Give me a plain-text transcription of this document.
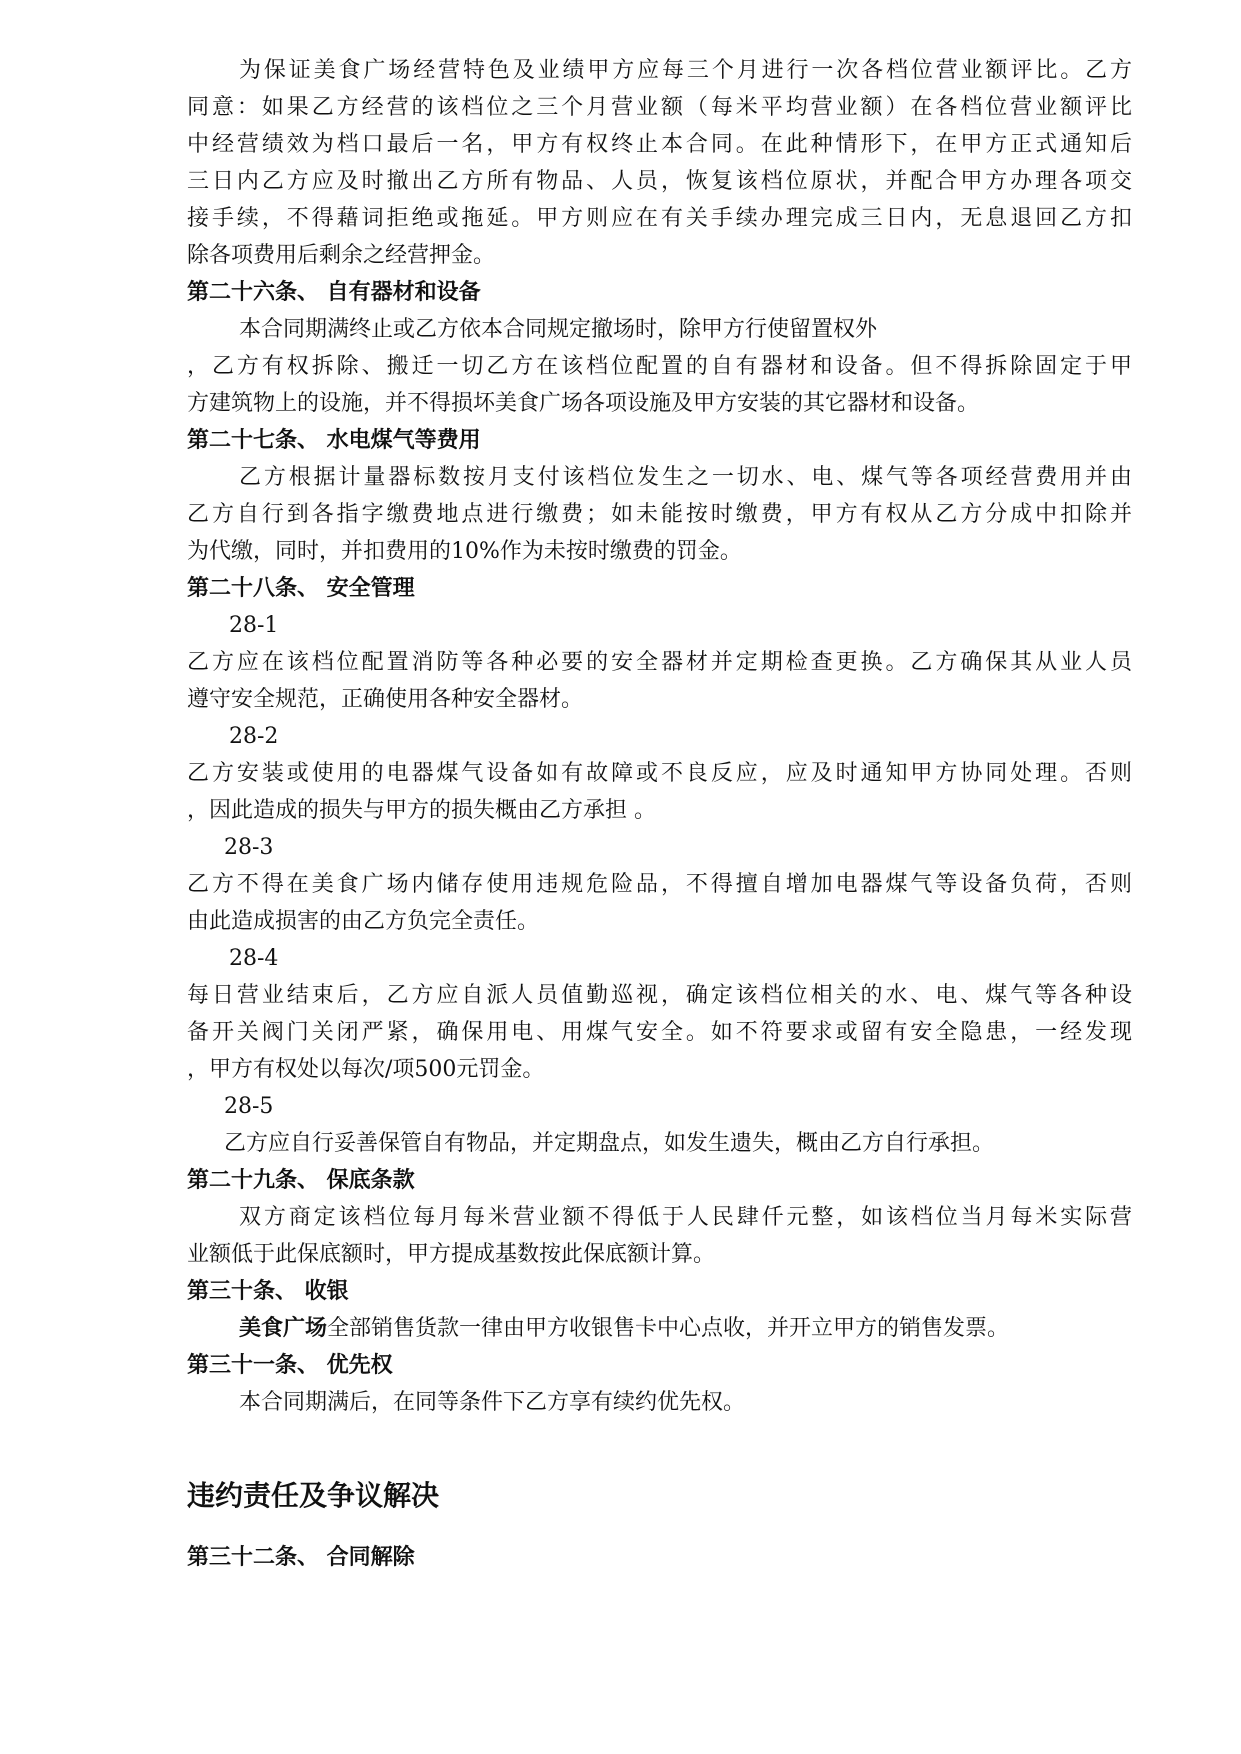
为保证美食广场经营特色及业绩甲方应每三个月进行一次各档位营业额评比。乙方
同意：如果乙方经营的该档位之三个月营业额（每米平均营业额）在各档位营业额评比
中经营绩效为档口最后一名，甲方有权终止本合同。在此种情形下，在甲方正式通知后
三日内乙方应及时撤出乙方所有物品、人员，恢复该档位原状，并配合甲方办理各项交
接手续，不得藉词拒绝或拖延。甲方则应在有关手续办理完成三日内，无息退回乙方扣
除各项费用后剩余之经营押金。
第二十六条、 自有器材和设备
本合同期满终止或乙方依本合同规定撤场时，除甲方行使留置权外
，乙方有权拆除、搬迁一切乙方在该档位配置的自有器材和设备。但不得拆除固定于甲
方建筑物上的设施，并不得损坏美食广场各项设施及甲方安装的其它器材和设备。
第二十七条、 水电煤气等费用
乙方根据计量器标数按月支付该档位发生之一切水、电、煤气等各项经营费用并由
乙方自行到各指字缴费地点进行缴费；如未能按时缴费，甲方有权从乙方分成中扣除并
为代缴，同时，并扣费用的10%作为未按时缴费的罚金。
第二十八条、 安全管理
28-1
乙方应在该档位配置消防等各种必要的安全器材并定期检查更换。乙方确保其从业人员
遵守安全规范，正确使用各种安全器材。
28-2
乙方安装或使用的电器煤气设备如有故障或不良反应，应及时通知甲方协同处理。否则
，因此造成的损失与甲方的损失概由乙方承担 。
28-3
乙方不得在美食广场内储存使用违规危险品，不得擅自增加电器煤气等设备负荷，否则
由此造成损害的由乙方负完全责任。
28-4
每日营业结束后，乙方应自派人员值勤巡视，确定该档位相关的水、电、煤气等各种设
备开关阀门关闭严紧，确保用电、用煤气安全。如不符要求或留有安全隐患，一经发现
，甲方有权处以每次/项500元罚金。
28-5
乙方应自行妥善保管自有物品，并定期盘点，如发生遗失，概由乙方自行承担。
第二十九条、 保底条款
双方商定该档位每月每米营业额不得低于人民肆仟元整，如该档位当月每米实际营
业额低于此保底额时，甲方提成基数按此保底额计算。
第三十条、 收银
美食广场全部销售货款一律由甲方收银售卡中心点收，并开立甲方的销售发票。
第三十一条、 优先权
本合同期满后，在同等条件下乙方享有续约优先权。
违约责任及争议解决
第三十二条、 合同解除
